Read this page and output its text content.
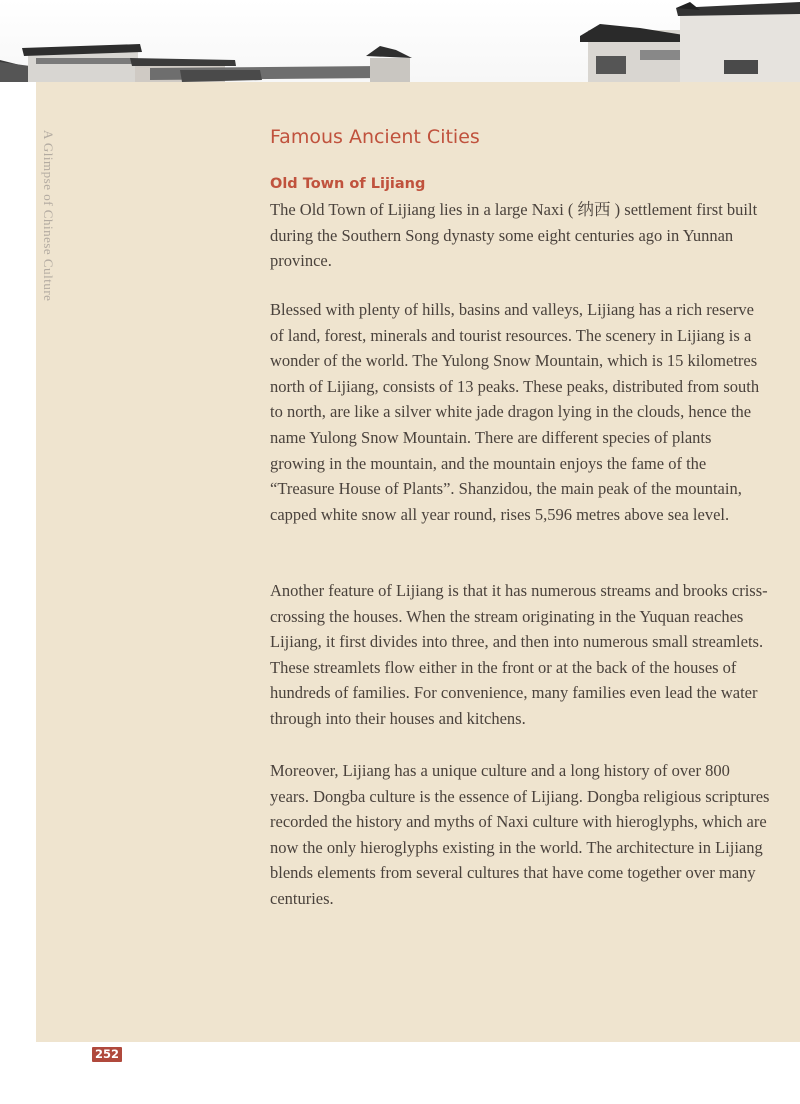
A Glimpse of Chinese Culture	Famous Ancient Cities
Old Town of Lijiang

The Old Town of Lijiang lies in a large Naxi ( 纳西 ) settlement first built during the Southern Song dynasty some eight centuries ago in Yunnan province.

Blessed with plenty of hills, basins and valleys, Lijiang has a rich reserve of land, forest, minerals and tourist resources. The scenery in Lijiang is a wonder of the world. The Yulong Snow Mountain, which is 15 kilometres north of Lijiang, consists of 13 peaks. These peaks, distributed from south to north, are like a silver white jade dragon lying in the clouds, hence the name Yulong Snow Mountain. There are different species of plants growing in the mountain, and the mountain enjoys the fame of the “Treasure House of Plants”. Shanzidou, the main peak of the mountain, capped white snow all year round, rises 5,596 metres above sea level.

Another feature of Lijiang is that it has numerous streams and brooks criss-crossing the houses. When the stream originating in the Yuquan reaches Lijiang, it first divides into three, and then into numerous small streamlets. These streamlets flow either in the front or at the back of the houses of hundreds of families. For convenience, many families even lead the water through into their houses and kitchens.

Moreover, Lijiang has a unique culture and a long history of over 800 years. Dongba culture is the essence of Lijiang. Dongba religious scriptures recorded the history and myths of Naxi culture with hieroglyphs, which are now the only hieroglyphs existing in the world. The architecture in Lijiang blends elements from several cultures that have come together over many centuries.

252
